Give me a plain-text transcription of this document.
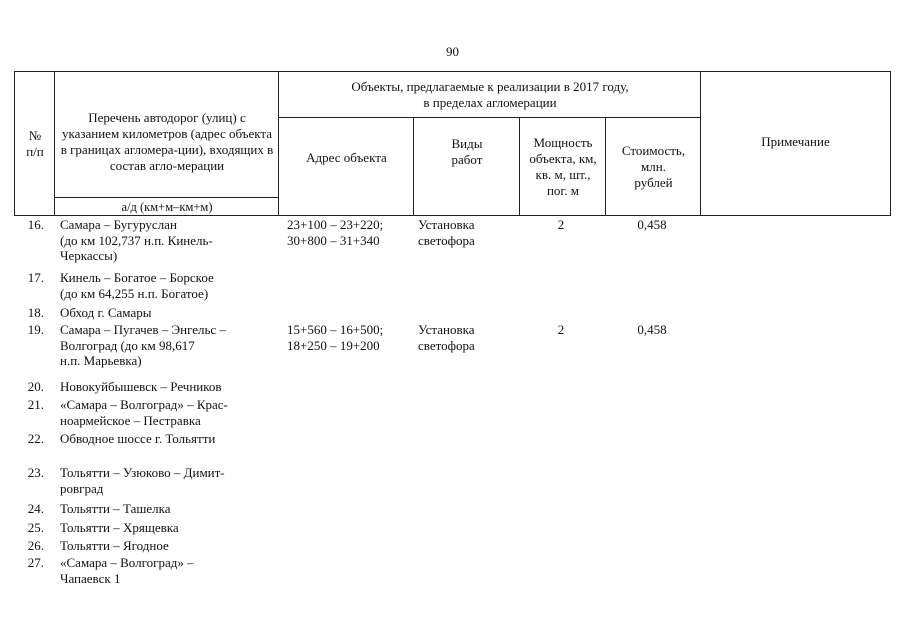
90
№
п/п
Перечень автодорог (улиц) с указанием километров (адрес объекта в границах агломера-ции), входящих в состав агло-мерации
а/д (км+м–км+м)
Объекты, предлагаемые к реализации в 2017 году,
в пределах агломерации
Адрес объекта
Виды
работ
Мощность объекта, км, кв. м, шт., пог. м
Стоимость, млн.
рублей
Примечание
16. Самара – Бугуруслан
(до км 102,737 н.п. Кинель-
Черкассы)
23+100 – 23+220;
30+800 – 31+340
Установка
светофора
2	0,458
17. Кинель – Богатое – Борское
(до км 64,255 н.п. Богатое)
18. Обход г. Самары
19. Самара – Пугачев – Энгельс –
Волгоград (до км 98,617
н.п. Марьевка)
15+560 – 16+500;
18+250 – 19+200
Установка
светофора
2	0,458
20. Новокуйбышевск – Речников
21. «Самара – Волгоград» – Крас-
ноармейское – Пестравка
22. Обводное шоссе г. Тольятти
23. Тольятти – Узюково – Димит-
ровград
24. Тольятти – Ташелка
25. Тольятти – Хрящевка
26. Тольятти – Ягодное
27. «Самара – Волгоград» –
Чапаевск 1
